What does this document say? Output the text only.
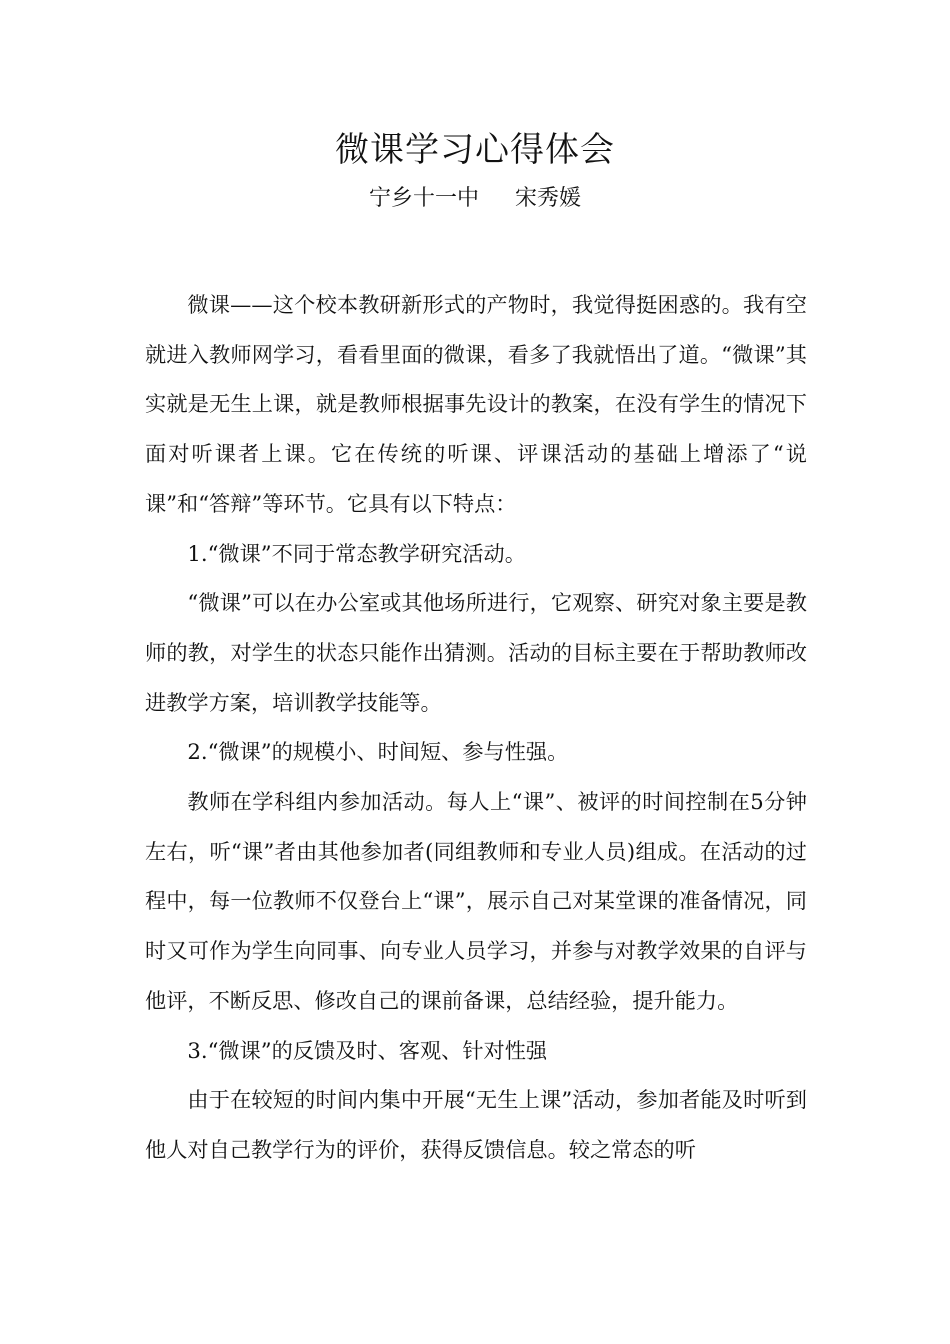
微课学习心得体会
宁乡十一中 宋秀媛

微课——这个校本教研新形式的产物时，我觉得挺困惑的。我有空就进入教师网学习，看看里面的微课，看多了我就悟出了道。“微课”其实就是无生上课，就是教师根据事先设计的教案，在没有学生的情况下面对听课者上课。它在传统的听课、评课活动的基础上增添了“说课”和“答辩”等环节。它具有以下特点：

1.“微课”不同于常态教学研究活动。

“微课”可以在办公室或其他场所进行，它观察、研究对象主要是教师的教，对学生的状态只能作出猜测。活动的目标主要在于帮助教师改进教学方案，培训教学技能等。

2.“微课”的规模小、时间短、参与性强。

教师在学科组内参加活动。每人上“课”、被评的时间控制在5分钟左右，听“课”者由其他参加者(同组教师和专业人员)组成。在活动的过程中，每一位教师不仅登台上“课”，展示自己对某堂课的准备情况，同时又可作为学生向同事、向专业人员学习，并参与对教学效果的自评与他评，不断反思、修改自己的课前备课，总结经验，提升能力。

3.“微课”的反馈及时、客观、针对性强

由于在较短的时间内集中开展“无生上课”活动，参加者能及时听到他人对自己教学行为的评价，获得反馈信息。较之常态的听
